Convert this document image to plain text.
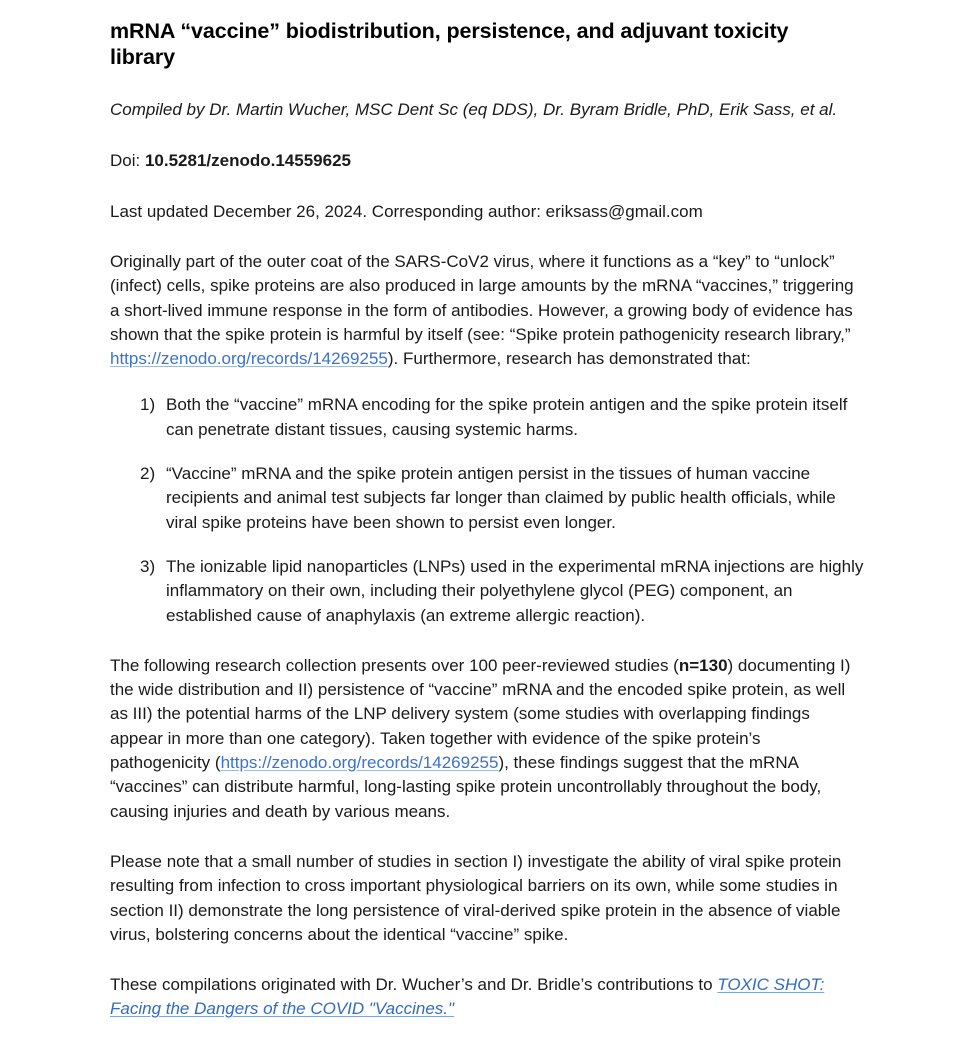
mRNA “vaccine” biodistribution, persistence, and adjuvant toxicity library

Compiled by Dr. Martin Wucher, MSC Dent Sc (eq DDS), Dr. Byram Bridle, PhD, Erik Sass, et al.

Doi: 10.5281/zenodo.14559625

Last updated December 26, 2024. Corresponding author: eriksass@gmail.com

Originally part of the outer coat of the SARS-CoV2 virus, where it functions as a “key” to “unlock” (infect) cells, spike proteins are also produced in large amounts by the mRNA “vaccines,” triggering a short-lived immune response in the form of antibodies. However, a growing body of evidence has shown that the spike protein is harmful by itself (see: “Spike protein pathogenicity research library,” https://zenodo.org/records/14269255). Furthermore, research has demonstrated that:

1) Both the “vaccine” mRNA encoding for the spike protein antigen and the spike protein itself can penetrate distant tissues, causing systemic harms.
2) “Vaccine” mRNA and the spike protein antigen persist in the tissues of human vaccine recipients and animal test subjects far longer than claimed by public health officials, while viral spike proteins have been shown to persist even longer.
3) The ionizable lipid nanoparticles (LNPs) used in the experimental mRNA injections are highly inflammatory on their own, including their polyethylene glycol (PEG) component, an established cause of anaphylaxis (an extreme allergic reaction).

The following research collection presents over 100 peer-reviewed studies (n=130) documenting I) the wide distribution and II) persistence of “vaccine” mRNA and the encoded spike protein, as well as III) the potential harms of the LNP delivery system (some studies with overlapping findings appear in more than one category). Taken together with evidence of the spike protein’s pathogenicity (https://zenodo.org/records/14269255), these findings suggest that the mRNA “vaccines” can distribute harmful, long-lasting spike protein uncontrollably throughout the body, causing injuries and death by various means.

Please note that a small number of studies in section I) investigate the ability of viral spike protein resulting from infection to cross important physiological barriers on its own, while some studies in section II) demonstrate the long persistence of viral-derived spike protein in the absence of viable virus, bolstering concerns about the identical “vaccine” spike.

These compilations originated with Dr. Wucher’s and Dr. Bridle’s contributions to TOXIC SHOT: Facing the Dangers of the COVID "Vaccines."
